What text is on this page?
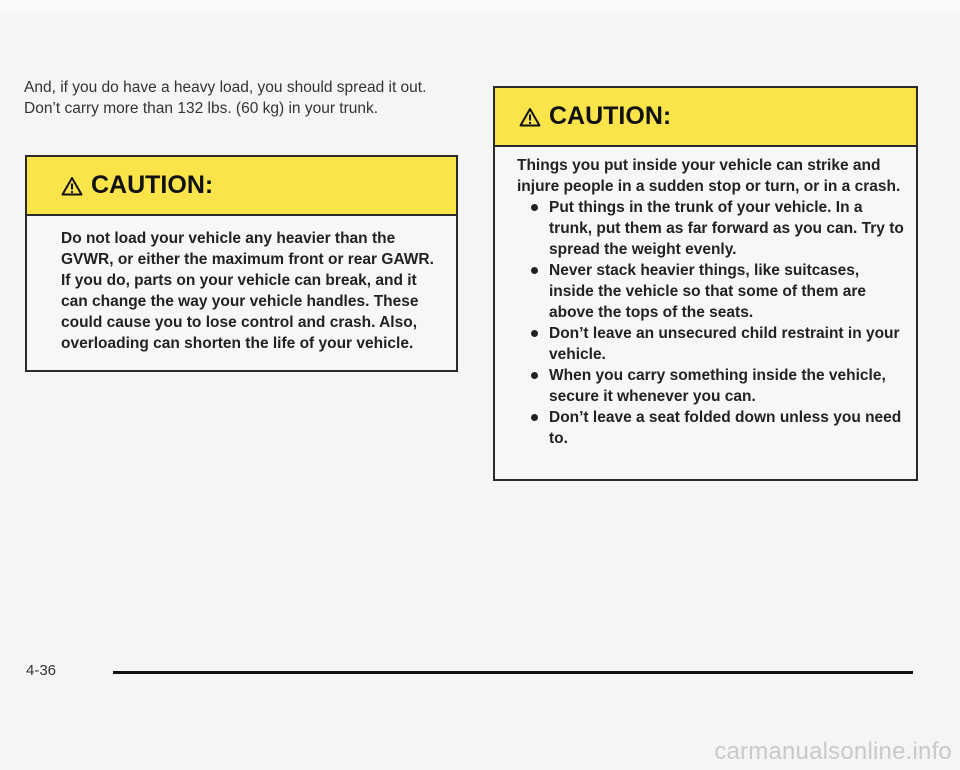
And, if you do have a heavy load, you should spread it out. Don’t carry more than 132 lbs. (60 kg) in your trunk.

CAUTION:
Do not load your vehicle any heavier than the GVWR, or either the maximum front or rear GAWR. If you do, parts on your vehicle can break, and it can change the way your vehicle handles. These could cause you to lose control and crash. Also, overloading can shorten the life of your vehicle.
CAUTION:
Things you put inside your vehicle can strike and injure people in a sudden stop or turn, or in a crash.
Put things in the trunk of your vehicle. In a trunk, put them as far forward as you can. Try to spread the weight evenly.
Never stack heavier things, like suitcases, inside the vehicle so that some of them are above the tops of the seats.
Don’t leave an unsecured child restraint in your vehicle.
When you carry something inside the vehicle, secure it whenever you can.
Don’t leave a seat folded down unless you need to.
4-36
carmanualsonline.info
